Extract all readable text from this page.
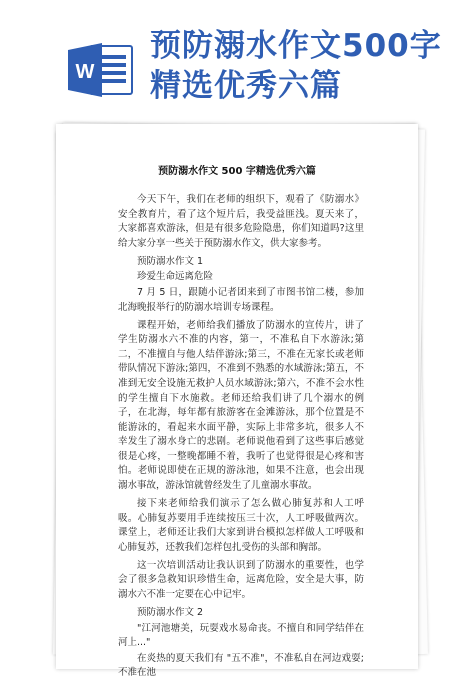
W
预防溺水作文500字精选优秀六篇
预防溺水作文 500 字精选优秀六篇

今天下午，我们在老师的组织下，观看了《防溺水》安全教育片，看了这个短片后，我受益匪浅。夏天来了，大家都喜欢游泳，但是有很多危险隐患，你们知道吗?这里给大家分享一些关于预防溺水作文，供大家参考。

预防溺水作文 1

珍爱生命远离危险

7 月 5 日，跟随小记者团来到了市图书馆二楼，参加北海晚报举行的防溺水培训专场课程。

课程开始，老师给我们播放了防溺水的宣传片，讲了学生防溺水六不准的内容，第一，不准私自下水游泳;第二，不准擅自与他人结伴游泳;第三，不准在无家长或老师带队情况下游泳;第四，不准到不熟悉的水域游泳;第五，不准到无安全设施无救护人员水域游泳;第六，不准不会水性的学生擅自下水施救。老师还给我们讲了几个溺水的例子，在北海，每年都有旅游客在金滩游泳，那个位置是不能游泳的，看起来水面平静，实际上非常多坑，很多人不幸发生了溺水身亡的悲剧。老师说他看到了这些事后感觉很是心疼，一整晚都睡不着，我听了也觉得很是心疼和害怕。老师说即使在正规的游泳池，如果不注意，也会出现溺水事故，游泳馆就曾经发生了儿童溺水事故。

接下来老师给我们演示了怎么做心肺复苏和人工呼吸。心肺复苏要用手连续按压三十次，人工呼吸做两次。课堂上，老师还让我们大家到讲台模拟怎样做人工呼吸和心肺复苏，还教我们怎样包扎受伤的头部和胸部。

这一次培训活动让我认识到了防溺水的重要性，也学会了很多急救知识珍惜生命，远离危险，安全是大事，防溺水六不准一定要在心中记牢。

预防溺水作文 2

"江河池塘美，玩耍戏水易命丧。不擅自和同学结伴在河上..."

在炎热的夏天我们有 "五不准"，不准私自在河边戏耍;不准在池
